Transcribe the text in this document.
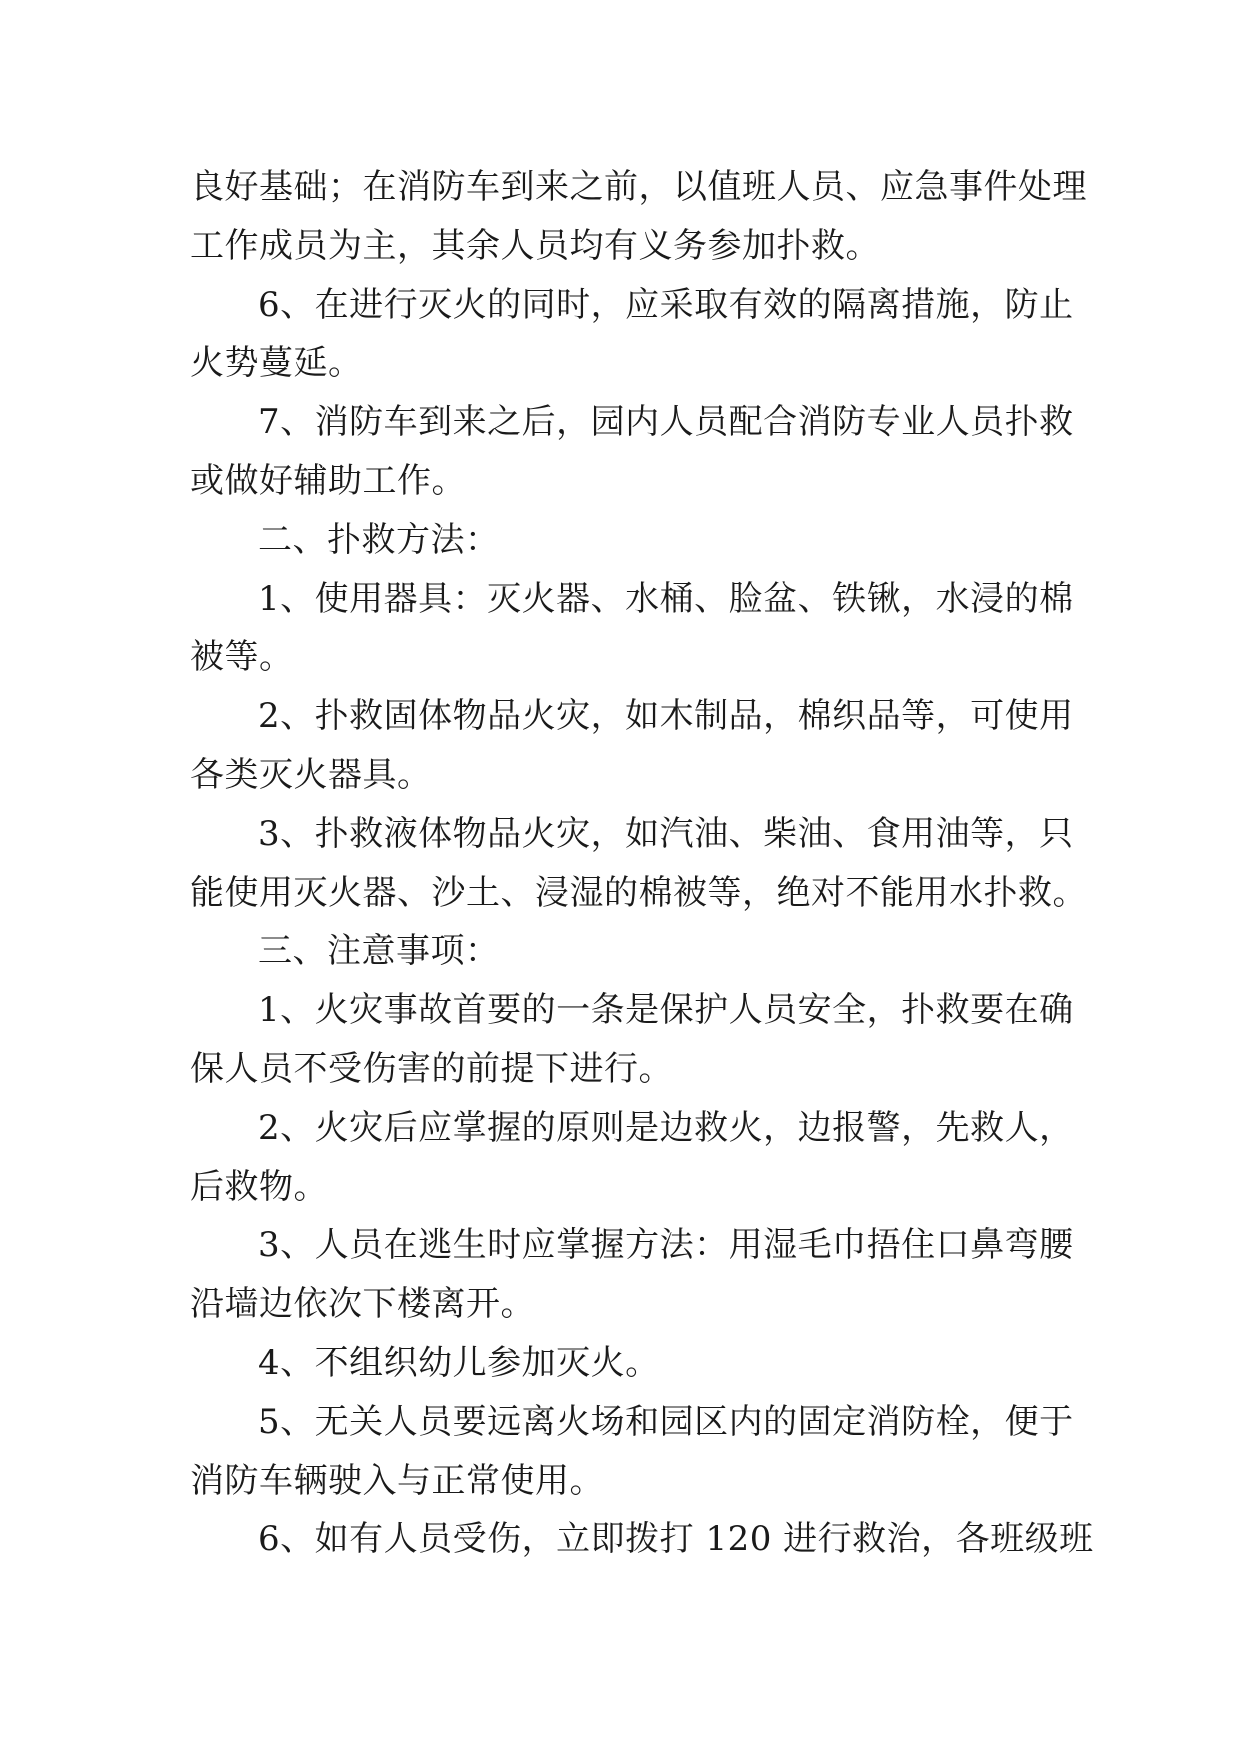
良好基础；在消防车到来之前，以值班人员、应急事件处理
工作成员为主，其余人员均有义务参加扑救。
6、在进行灭火的同时，应采取有效的隔离措施，防止
火势蔓延。
7、消防车到来之后，园内人员配合消防专业人员扑救
或做好辅助工作。
二、扑救方法：
1、使用器具：灭火器、水桶、脸盆、铁锹，水浸的棉
被等。
2、扑救固体物品火灾，如木制品，棉织品等，可使用
各类灭火器具。
3、扑救液体物品火灾，如汽油、柴油、食用油等，只
能使用灭火器、沙土、浸湿的棉被等，绝对不能用水扑救。
三、注意事项：
1、火灾事故首要的一条是保护人员安全，扑救要在确
保人员不受伤害的前提下进行。
2、火灾后应掌握的原则是边救火，边报警，先救人，
后救物。
3、人员在逃生时应掌握方法：用湿毛巾捂住口鼻弯腰
沿墙边依次下楼离开。
4、不组织幼儿参加灭火。
5、无关人员要远离火场和园区内的固定消防栓，便于
消防车辆驶入与正常使用。
6、如有人员受伤，立即拨打 120 进行救治，各班级班
